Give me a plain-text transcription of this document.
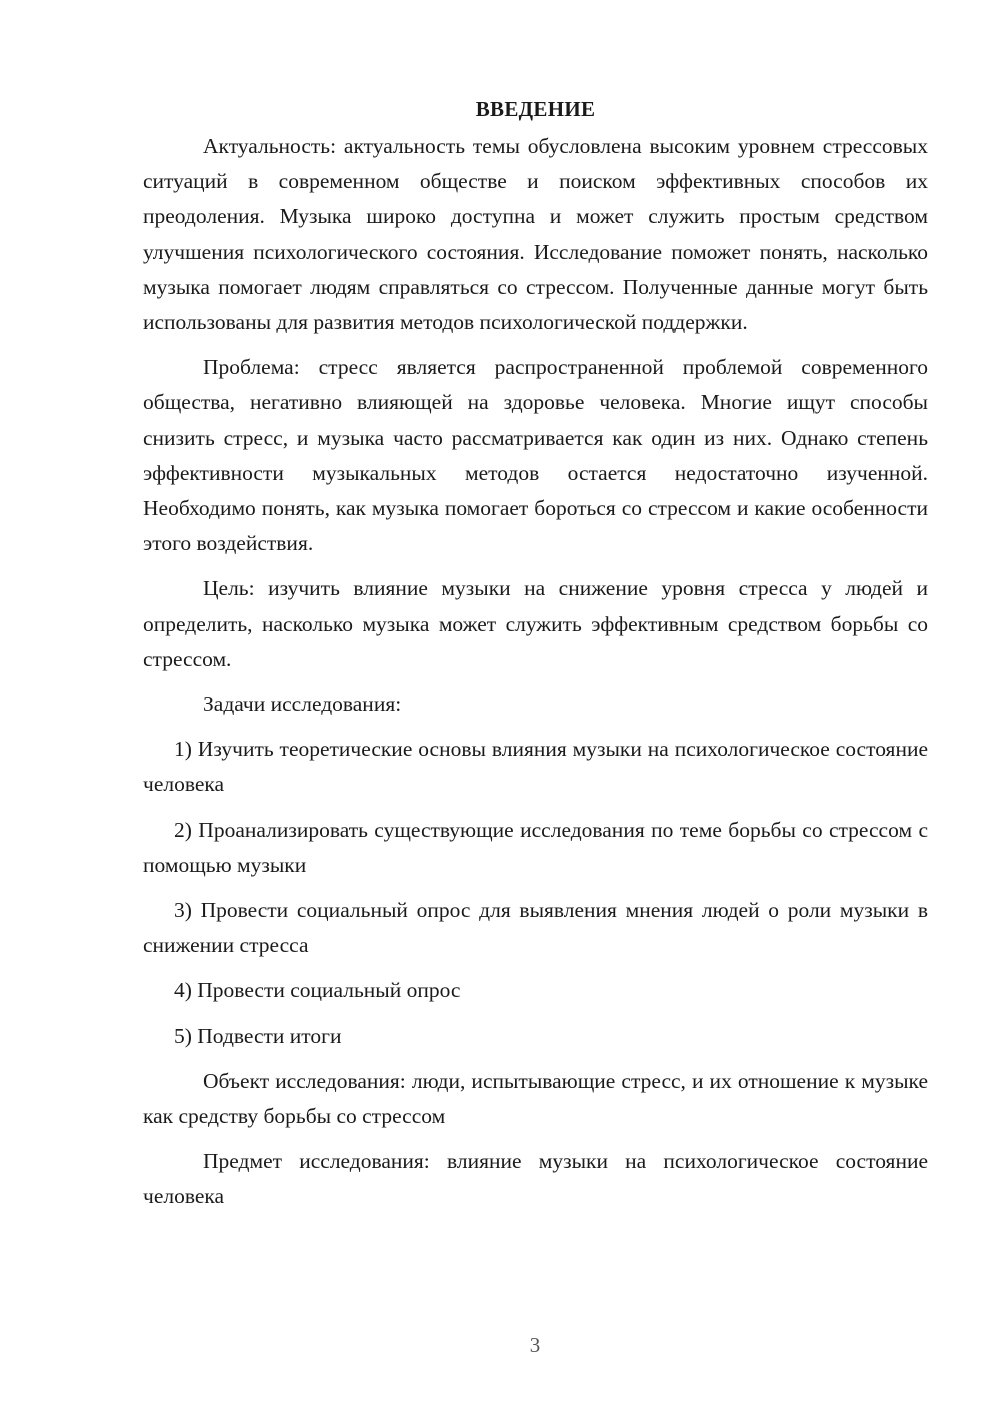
ВВЕДЕНИЕ

Актуальность: актуальность темы обусловлена высоким уровнем стрессовых ситуаций в современном обществе и поиском эффективных способов их преодоления. Музыка широко доступна и может служить простым средством улучшения психологического состояния. Исследование поможет понять, насколько музыка помогает людям справляться со стрессом. Полученные данные могут быть использованы для развития методов психологической поддержки.

Проблема: стресс является распространенной проблемой современного общества, негативно влияющей на здоровье человека. Многие ищут способы снизить стресс, и музыка часто рассматривается как один из них. Однако степень эффективности музыкальных методов остается недостаточно изученной. Необходимо понять, как музыка помогает бороться со стрессом и какие особенности этого воздействия.

Цель: изучить влияние музыки на снижение уровня стресса у людей и определить, насколько музыка может служить эффективным средством борьбы со стрессом.

Задачи исследования:

1) Изучить теоретические основы влияния музыки на психологическое состояние человека

2) Проанализировать существующие исследования по теме борьбы со стрессом с помощью музыки

3) Провести социальный опрос для выявления мнения людей о роли музыки в снижении стресса

4) Провести социальный опрос

5) Подвести итоги

Объект исследования: люди, испытывающие стресс, и их отношение к музыке как средству борьбы со стрессом

Предмет исследования: влияние музыки на психологическое состояние человека

3
